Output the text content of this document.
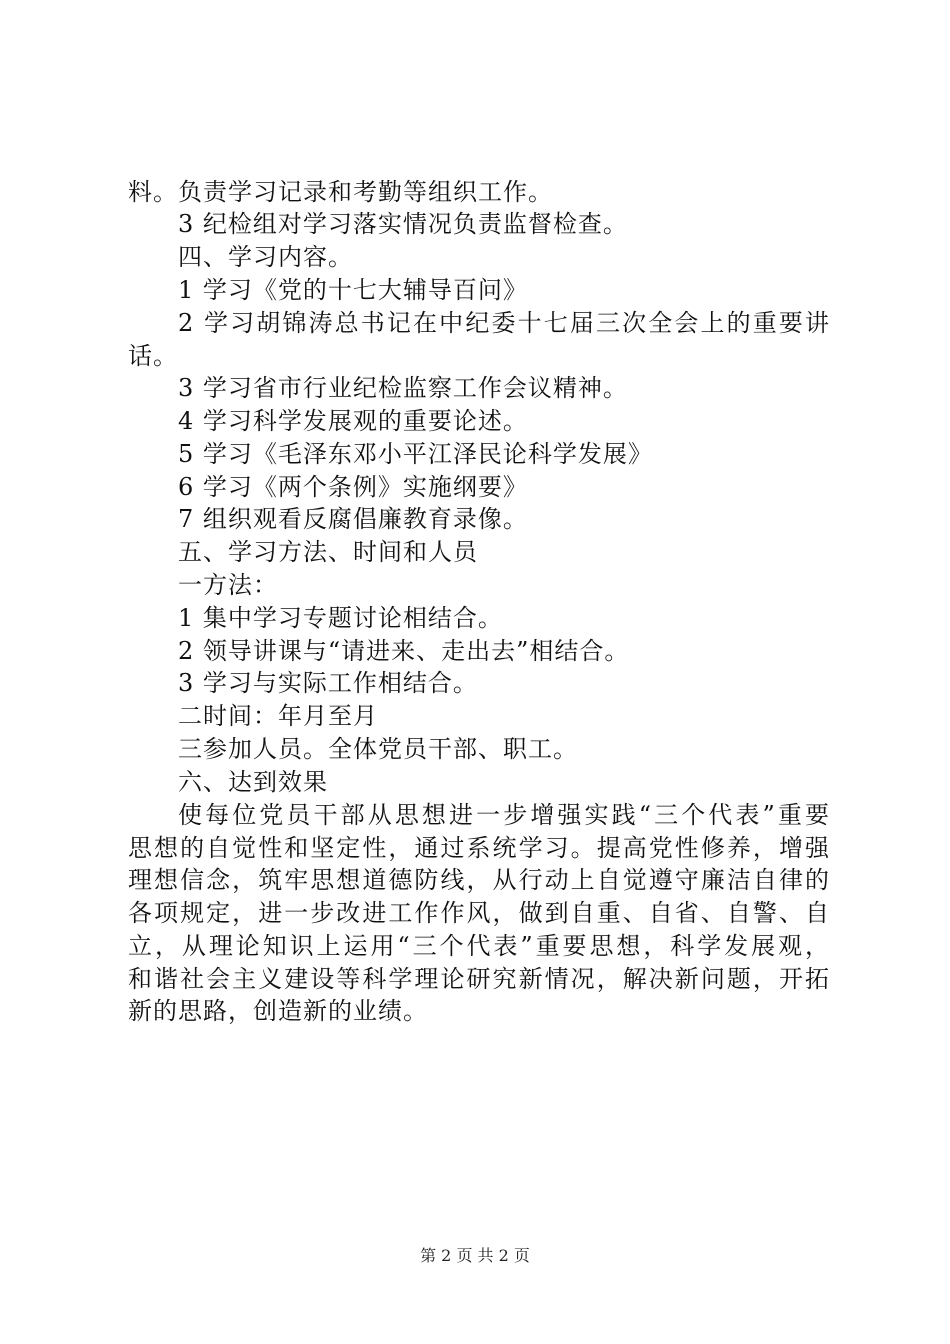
料。负责学习记录和考勤等组织工作。
3 纪检组对学习落实情况负责监督检查。
四、学习内容。
1 学习《党的十七大辅导百问》
2 学习胡锦涛总书记在中纪委十七届三次全会上的重要讲
话。
3 学习省市行业纪检监察工作会议精神。
4 学习科学发展观的重要论述。
5 学习《毛泽东邓小平江泽民论科学发展》
6 学习《两个条例》实施纲要》
7 组织观看反腐倡廉教育录像。
五、学习方法、时间和人员
一方法：
1 集中学习专题讨论相结合。
2 领导讲课与“请进来、走出去”相结合。
3 学习与实际工作相结合。
二时间：年月至月
三参加人员。全体党员干部、职工。
六、达到效果
使每位党员干部从思想进一步增强实践“三个代表”重要
思想的自觉性和坚定性，通过系统学习。提高党性修养，增强
理想信念，筑牢思想道德防线，从行动上自觉遵守廉洁自律的
各项规定，进一步改进工作作风，做到自重、自省、自警、自
立，从理论知识上运用“三个代表”重要思想，科学发展观，
和谐社会主义建设等科学理论研究新情况，解决新问题，开拓
新的思路，创造新的业绩。
第 2 页 共 2 页
